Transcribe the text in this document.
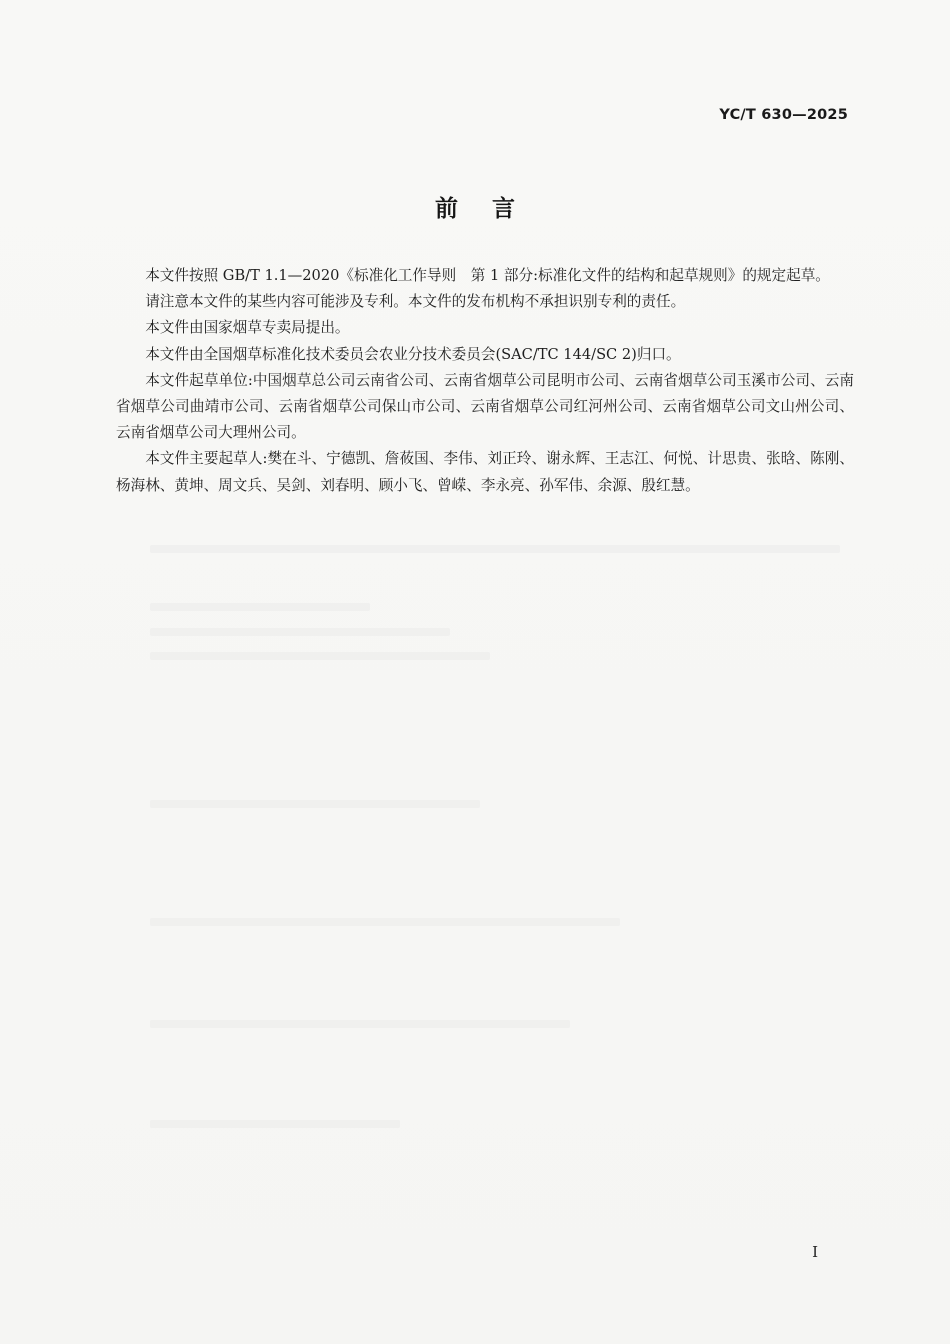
YC/T 630—2025
前言

本文件按照 GB/T 1.1—2020《标准化工作导则　第 1 部分:标准化文件的结构和起草规则》的规定起草。

请注意本文件的某些内容可能涉及专利。本文件的发布机构不承担识别专利的责任。

本文件由国家烟草专卖局提出。

本文件由全国烟草标准化技术委员会农业分技术委员会(SAC/TC 144/SC 2)归口。

本文件起草单位:中国烟草总公司云南省公司、云南省烟草公司昆明市公司、云南省烟草公司玉溪市公司、云南省烟草公司曲靖市公司、云南省烟草公司保山市公司、云南省烟草公司红河州公司、云南省烟草公司文山州公司、云南省烟草公司大理州公司。

本文件主要起草人:樊在斗、宁德凯、詹莜国、李伟、刘正玲、谢永辉、王志江、何悦、计思贵、张晗、陈刚、杨海林、黄坤、周文兵、吴剑、刘春明、顾小飞、曾嵘、李永亮、孙军伟、余源、殷红慧。

I
